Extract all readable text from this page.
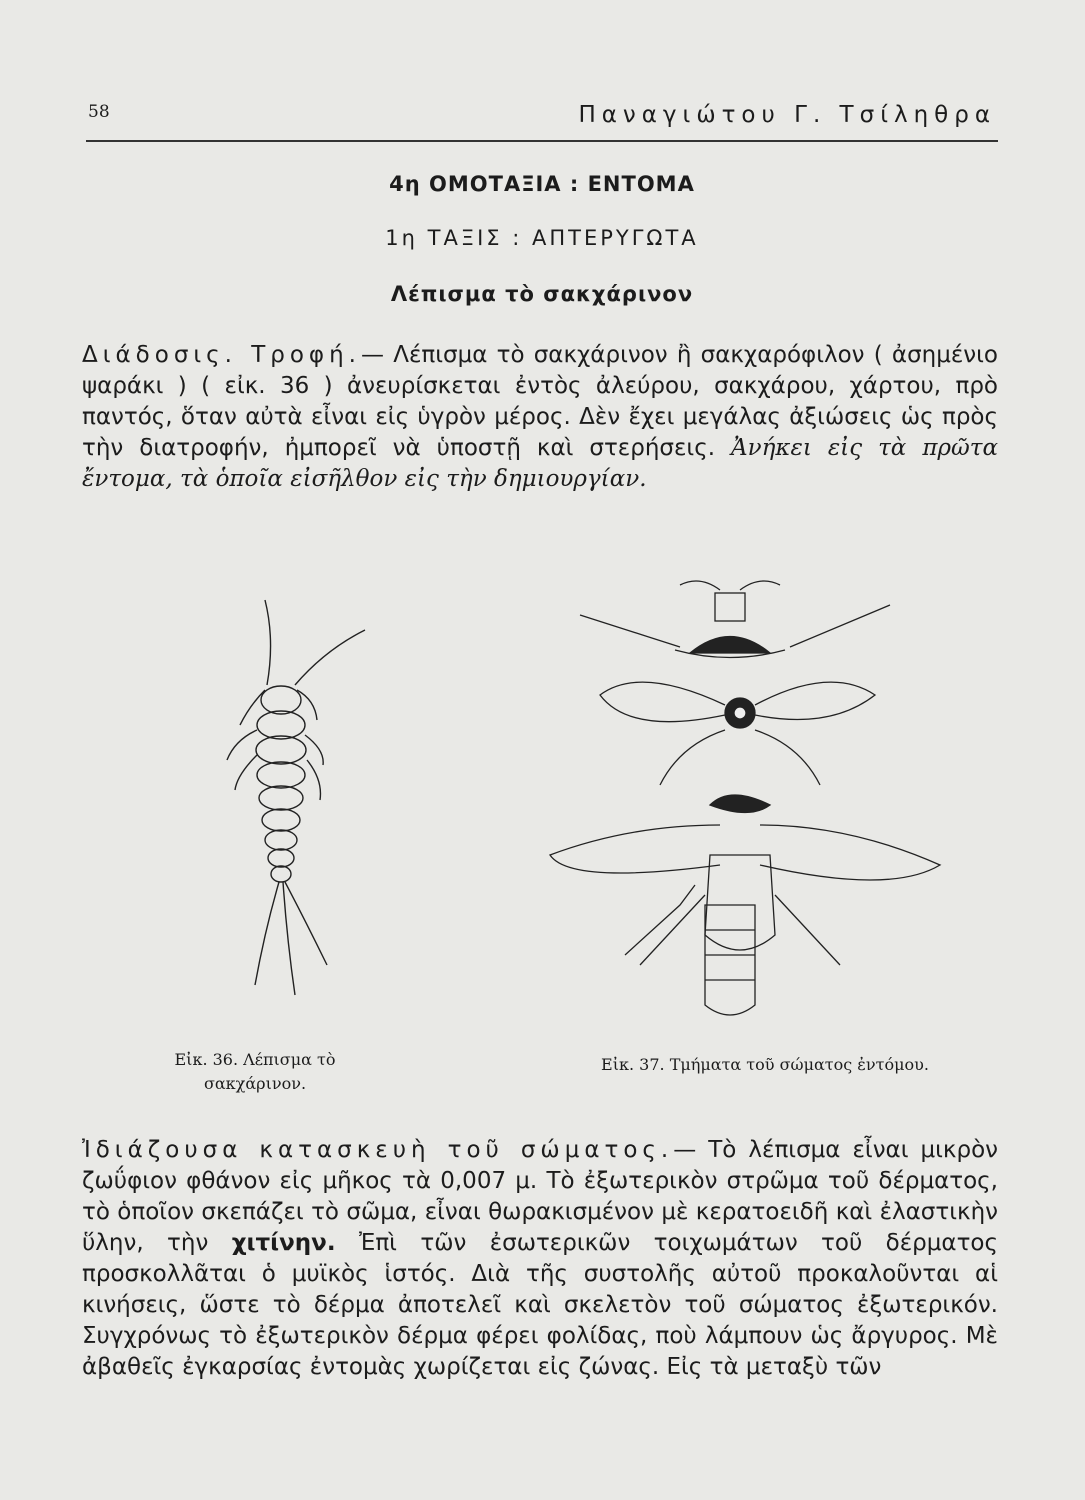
58	Παναγιώτου Γ. Τσίληθρα
4η ΟΜΟΤΑΞΙΑ : ΕΝΤΟΜΑ
1η ΤΑΞΙΣ : ΑΠΤΕΡΥΓΩΤΑ
Λέπισμα τὸ σακχάρινον
Διάδοσις. Τροφή.— Λέπισμα τὸ σακχάρινον ἢ σακχαρόφιλον ( ἀσημένιο ψαράκι ) ( εἰκ. 36 ) ἀνευρίσκεται ἐντὸς ἀλεύρου, σακχάρου, χάρτου, πρὸ παντός, ὅταν αὐτὰ εἶναι εἰς ὑγρὸν μέρος. Δὲν ἔχει μεγάλας ἀξιώσεις ὡς πρὸς τὴν διατροφήν, ἠμπορεῖ νὰ ὑποστῇ καὶ στερήσεις. Ἀνήκει εἰς τὰ πρῶτα ἔντομα, τὰ ὁποῖα εἰσῆλθον εἰς τὴν δημιουργίαν.
Εἰκ. 36. Λέπισμα τὸ σακχάρινον.
Εἰκ. 37. Τμήματα τοῦ σώματος ἐντόμου.
Ἰδιάζουσα κατασκευὴ τοῦ σώματος.— Τὸ λέπισμα εἶναι μικρὸν ζωΰφιον φθάνον εἰς μῆκος τὰ 0,007 μ. Τὸ ἐξωτερικὸν στρῶμα τοῦ δέρματος, τὸ ὁποῖον σκεπάζει τὸ σῶμα, εἶναι θωρακισμένον μὲ κερατοειδῆ καὶ ἐλαστικὴν ὕλην, τὴν χιτίνην. Ἐπὶ τῶν ἐσωτερικῶν τοιχωμάτων τοῦ δέρματος προσκολλᾶται ὁ μυϊκὸς ἱστός. Διὰ τῆς συστολῆς αὐτοῦ προκαλοῦνται αἱ κινήσεις, ὥστε τὸ δέρμα ἀποτελεῖ καὶ σκελετὸν τοῦ σώματος ἐξωτερικόν. Συγχρόνως τὸ ἐξωτερικὸν δέρμα φέρει φολίδας, ποὺ λάμπουν ὡς ἄργυρος. Μὲ ἀβαθεῖς ἐγκαρσίας ἐντομὰς χωρίζεται εἰς ζώνας. Εἰς τὰ μεταξὺ τῶν
